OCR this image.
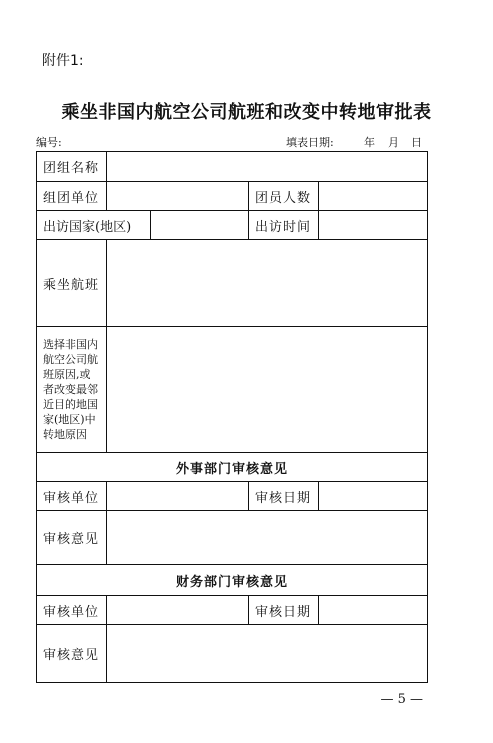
附件1:
乘坐非国内航空公司航班和改变中转地审批表
编号:	填表日期:	年 月 日
团组名称				
组团单位			团员人数	
出访国家(地区)			出访时间	
乘坐航班				
选择非国内航空公司航班原因,或者改变最邻近目的地国家(地区)中转地原因				
外事部门审核意见				
审核单位			审核日期	
审核意见				
财务部门审核意见				
审核单位			审核日期	
审核意见				
— 5 —
